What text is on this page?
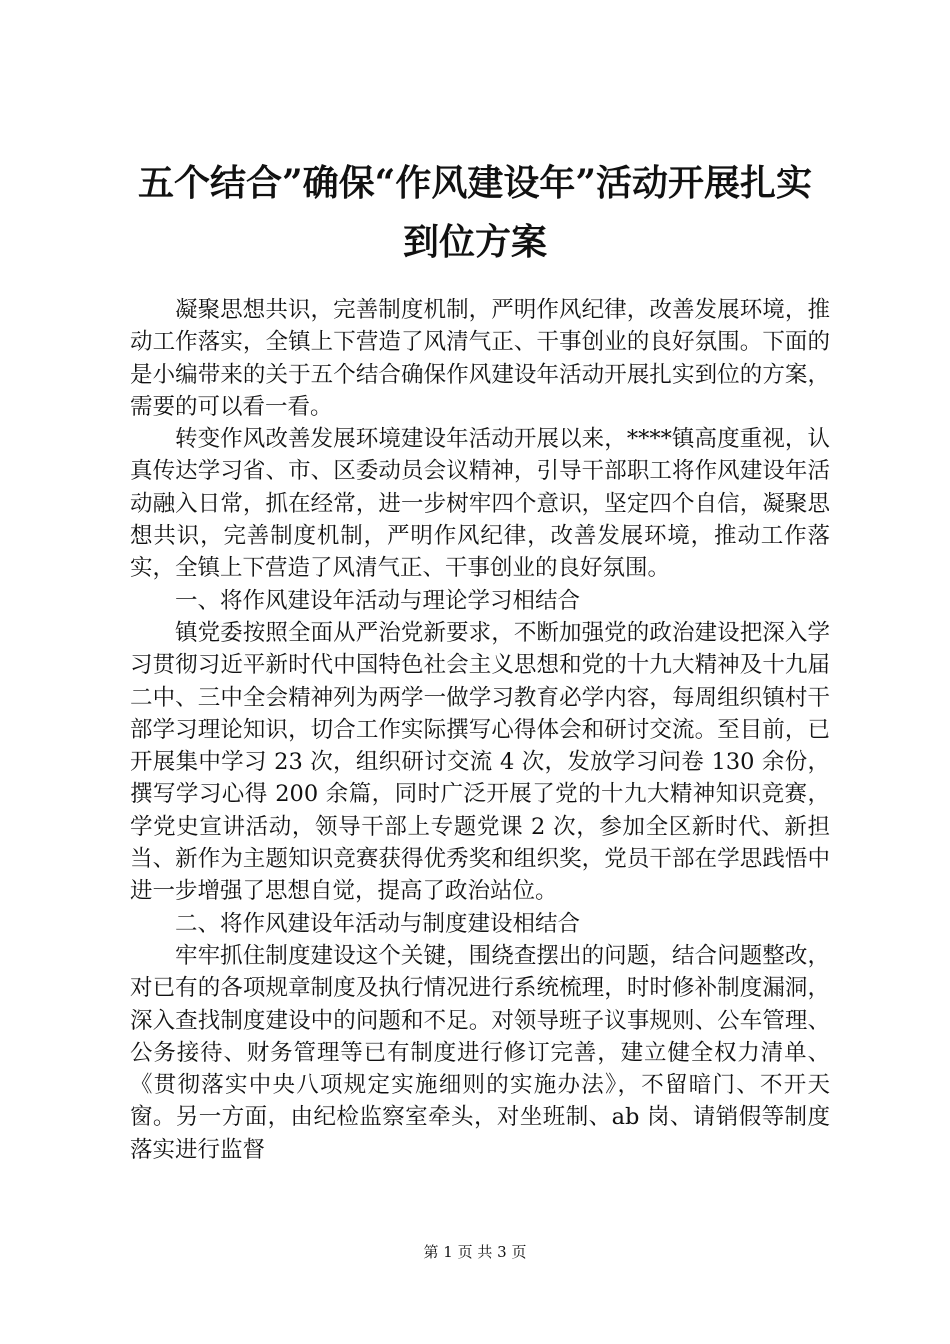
五个结合”确保“作风建设年”活动开展扎实
到位方案

凝聚思想共识，完善制度机制，严明作风纪律，改善发展环境，推动工作落实，全镇上下营造了风清气正、干事创业的良好氛围。下面的是小编带来的关于五个结合确保作风建设年活动开展扎实到位的方案，需要的可以看一看。

转变作风改善发展环境建设年活动开展以来，****镇高度重视，认真传达学习省、市、区委动员会议精神，引导干部职工将作风建设年活动融入日常，抓在经常，进一步树牢四个意识，坚定四个自信，凝聚思想共识，完善制度机制，严明作风纪律，改善发展环境，推动工作落实，全镇上下营造了风清气正、干事创业的良好氛围。

一、将作风建设年活动与理论学习相结合

镇党委按照全面从严治党新要求，不断加强党的政治建设把深入学习贯彻习近平新时代中国特色社会主义思想和党的十九大精神及十九届二中、三中全会精神列为两学一做学习教育必学内容，每周组织镇村干部学习理论知识，切合工作实际撰写心得体会和研讨交流。至目前，已开展集中学习 23 次，组织研讨交流 4 次，发放学习问卷 130 余份，撰写学习心得 200 余篇，同时广泛开展了党的十九大精神知识竞赛，学党史宣讲活动，领导干部上专题党课 2 次，参加全区新时代、新担当、新作为主题知识竞赛获得优秀奖和组织奖，党员干部在学思践悟中进一步增强了思想自觉，提高了政治站位。

二、将作风建设年活动与制度建设相结合

牢牢抓住制度建设这个关键，围绕查摆出的问题，结合问题整改，对已有的各项规章制度及执行情况进行系统梳理，时时修补制度漏洞，深入查找制度建设中的问题和不足。对领导班子议事规则、公车管理、公务接待、财务管理等已有制度进行修订完善，建立健全权力清单、《贯彻落实中央八项规定实施细则的实施办法》，不留暗门、不开天窗。另一方面，由纪检监察室牵头，对坐班制、ab 岗、请销假等制度落实进行监督

第 1 页 共 3 页
